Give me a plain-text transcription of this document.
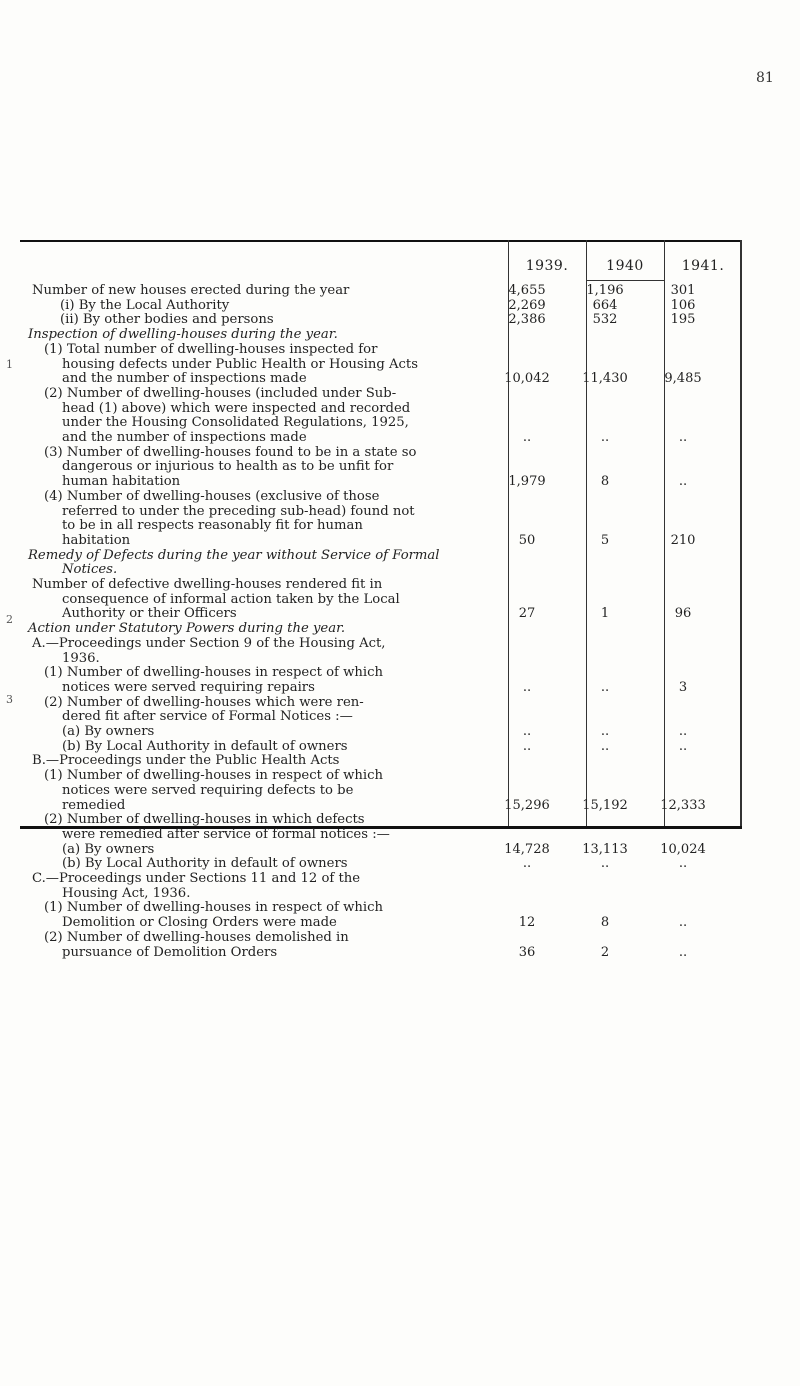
81
1939.	1940	1941.
1
2
3
Number of new houses erected during the year	4,655	1,196	301
(i) By the Local Authority	2,269	664	106
(ii) By other bodies and persons	2,386	532	195
Inspection of dwelling-houses during the year.
(1) Total number of dwelling-houses inspected for
housing defects under Public Health or Housing Acts
and the number of inspections made	10,042	11,430	9,485
(2) Number of dwelling-houses (included under Sub-
head (1) above) which were inspected and recorded
under the Housing Consolidated Regulations, 1925,
and the number of inspections made	..	..	..
(3) Number of dwelling-houses found to be in a state so
dangerous or injurious to health as to be unfit for
human habitation	1,979	8	..
(4) Number of dwelling-houses (exclusive of those
referred to under the preceding sub-head) found not
to be in all respects reasonably fit for human
habitation	50	5	210
Remedy of Defects during the year without Service of Formal
Notices.
Number of defective dwelling-houses rendered fit in
consequence of informal action taken by the Local
Authority or their Officers	27	1	96
Action under Statutory Powers during the year.
A.—Proceedings under Section 9 of the Housing Act,
1936.
(1) Number of dwelling-houses in respect of which
notices were served requiring repairs	..	..	3
(2) Number of dwelling-houses which were ren-
dered fit after service of Formal Notices :—
(a) By owners	..	..	..
(b) By Local Authority in default of owners	..	..	..
B.—Proceedings under the Public Health Acts
(1) Number of dwelling-houses in respect of which
notices were served requiring defects to be
remedied	15,296	15,192	12,333
(2) Number of dwelling-houses in which defects
were remedied after service of formal notices :—
(a) By owners	14,728	13,113	10,024
(b) By Local Authority in default of owners	..	..	..
C.—Proceedings under Sections 11 and 12 of the
Housing Act, 1936.
(1) Number of dwelling-houses in respect of which
Demolition or Closing Orders were made	12	8	..
(2) Number of dwelling-houses demolished in
pursuance of Demolition Orders	36	2	..
